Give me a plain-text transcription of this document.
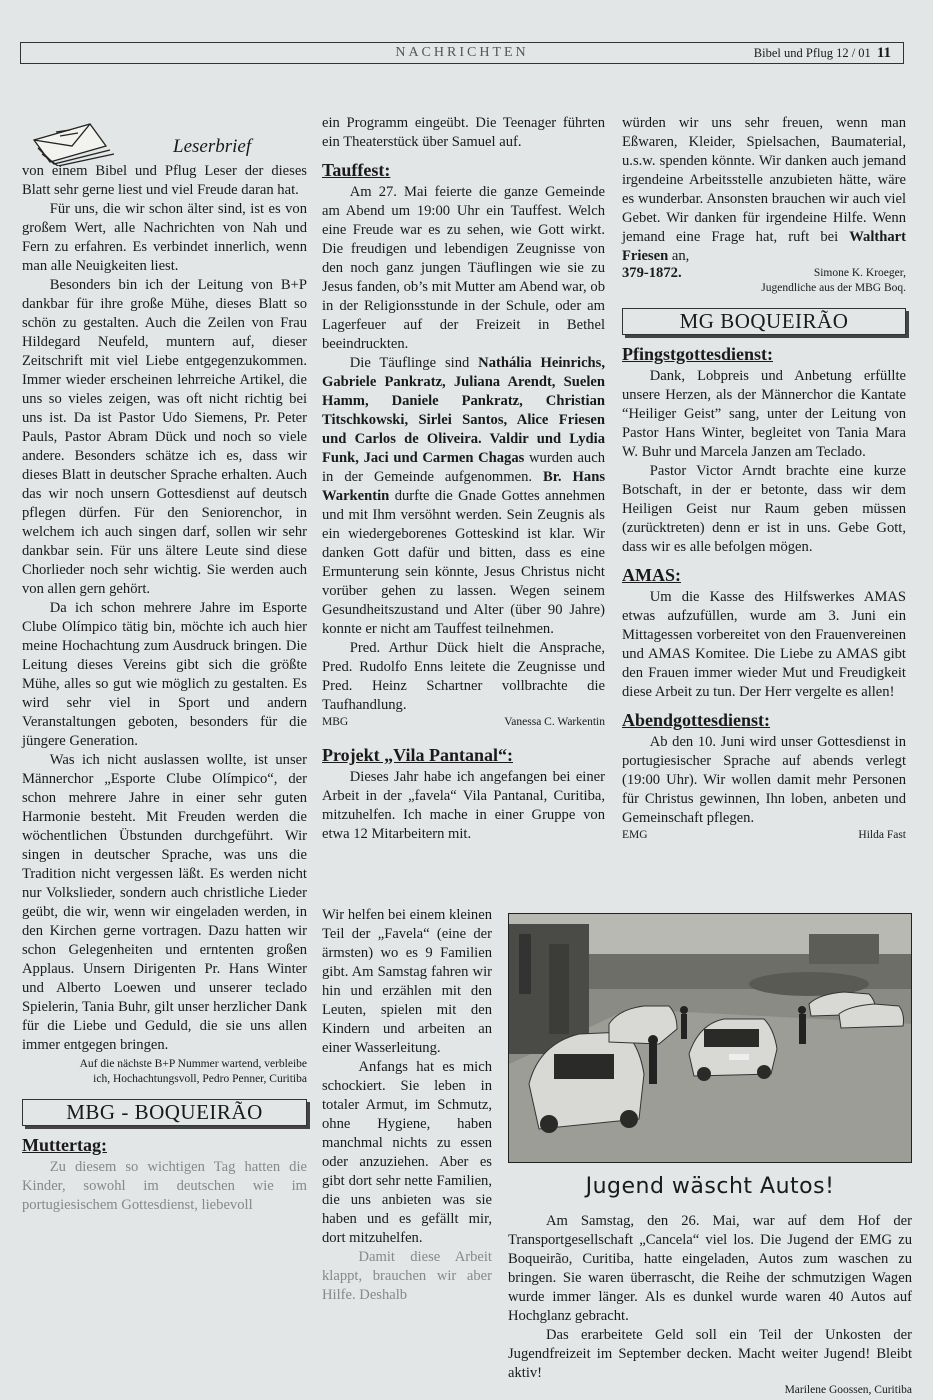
NACHRICHTEN	Bibel und Pflug 12 / 01 11
Leserbrief

von einem Bibel und Pflug Leser der dieses Blatt sehr gerne liest und viel Freude daran hat.

Für uns, die wir schon älter sind, ist es von großem Wert, alle Nachrichten von Nah und Fern zu erfahren. Es verbindet innerlich, wenn man alle Neuigkeiten liest.

Besonders bin ich der Leitung von B+P dankbar für ihre große Mühe, dieses Blatt so schön zu gestalten. Auch die Zeilen von Frau Hildegard Neufeld, muntern auf, dieser Zeitschrift mit viel Liebe entgegenzukommen. Immer wieder erscheinen lehrreiche Artikel, die uns so vieles zeigen, was oft nicht richtig bei uns ist. Da ist Pastor Udo Siemens, Pr. Peter Pauls, Pastor Abram Dück und noch so viele andere. Besonders schätze ich es, dass wir dieses Blatt in deutscher Sprache erhalten. Auch das wir noch unsern Gottesdienst auf deutsch pflegen dürfen. Für den Seniorenchor, in welchem ich auch singen darf, sollen wir sehr dankbar sein. Für uns ältere Leute sind diese Chorlieder noch sehr wichtig. Sie werden auch von allen gern gehört.

Da ich schon mehrere Jahre im Esporte Clube Olímpico tätig bin, möchte ich auch hier meine Hochachtung zum Ausdruck bringen. Die Leitung dieses Vereins gibt sich die größte Mühe, alles so gut wie möglich zu gestalten. Es wird sehr viel in Sport und andern Veranstaltungen geboten, besonders für die jüngere Generation.

Was ich nicht auslassen wollte, ist unser Männerchor „Esporte Clube Olímpico“, der schon mehrere Jahre in einer sehr guten Harmonie besteht. Mit Freuden werden die wöchentlichen Übstunden durchgeführt. Wir singen in deutscher Sprache, was uns die Tradition nicht vergessen läßt. Es werden nicht nur Volkslieder, sondern auch christliche Lieder geübt, die wir, wenn wir eingeladen werden, in den Kirchen gerne vortragen. Dazu hatten wir schon Gelegenheiten und erntenten großen Applaus. Unsern Dirigenten Pr. Hans Winter und Alberto Loewen und unserer teclado Spielerin, Tania Buhr, gilt unser herzlicher Dank für die Liebe und Geduld, die sie uns allen immer entgegen bringen.

Auf die nächste B+P Nummer wartend, verbleibe
ich, Hochachtungsvoll, Pedro Penner, Curitiba
MBG - BOQUEIRÃO
Muttertag:

Zu diesem so wichtigen Tag hatten die Kinder, sowohl im deutschen wie im portugiesischem Gottesdienst, liebevoll

ein Programm eingeübt. Die Teenager führten ein Theaterstück über Samuel auf.

Tauffest:

Am 27. Mai feierte die ganze Gemeinde am Abend um 19:00 Uhr ein Tauffest. Welch eine Freude war es zu sehen, wie Gott wirkt. Die freudigen und lebendigen Zeugnisse von den noch ganz jungen Täuflingen wie sie zu Jesus fanden, ob’s mit Mutter am Abend war, ob in der Religionsstunde in der Schule, oder am Lagerfeuer auf der Freizeit in Bethel beeindruckten.

Die Täuflinge sind Nathália Heinrichs, Gabriele Pankratz, Juliana Arendt, Suelen Hamm, Daniele Pankratz, Christian Titschkowski, Sirlei Santos, Alice Friesen und Carlos de Oliveira. Valdir und Lydia Funk, Jaci und Carmen Chagas wurden auch in der Gemeinde aufgenommen. Br. Hans Warkentin durfte die Gnade Gottes annehmen und mit Ihm versöhnt werden. Sein Zeugnis als ein wiedergeborenes Gotteskind ist klar. Wir danken Gott dafür und bitten, dass es eine Ermunterung sein könnte, Jesus Christus nicht vorüber gehen zu lassen. Wegen seinem Gesundheitszustand und Alter (über 90 Jahre) konnte er nicht am Tauffest teilnehmen.

Pred. Arthur Dück hielt die Ansprache, Pred. Rudolfo Enns leitete die Zeugnisse und Pred. Heinz Schartner vollbrachte die Taufhandlung.

MBG	Vanessa C. Warkentin
Projekt „Vila Pantanal“:

Dieses Jahr habe ich angefangen bei einer Arbeit in der „favela“ Vila Pantanal, Curitiba, mitzuhelfen. Ich mache in einer Gruppe von etwa 12 Mitarbeitern mit.

Wir helfen bei einem kleinen Teil der „Favela“ (eine der ärmsten) wo es 9 Familien gibt. Am Samstag fahren wir hin und erzählen mit den Leuten, spielen mit den Kindern und arbeiten an einer Wasserleitung.

Anfangs hat es mich schockiert. Sie leben in totaler Armut, im Schmutz, ohne Hygiene, haben manchmal nichts zu essen oder anzuziehen. Aber es gibt dort sehr nette Familien, die uns anbieten was sie haben und es gefällt mir, dort mitzuhelfen.

Damit diese Arbeit klappt, brauchen wir aber Hilfe. Deshalb

würden wir uns sehr freuen, wenn man Eßwaren, Kleider, Spielsachen, Baumaterial, u.s.w. spenden könnte. Wir danken auch jemand irgendeine Arbeitsstelle anzubieten hätte, wäre es wunderbar. Ansonsten brauchen wir auch viel Gebet. Wir danken für irgendeine Hilfe. Wenn jemand eine Frage hat, ruft bei Walthart Friesen an,

379-1872.	Simone K. Kroeger,
Jugendliche aus der MBG Boq.
MG BOQUEIRÃO
Pfingstgottesdienst:

Dank, Lobpreis und Anbetung erfüllte unsere Herzen, als der Männerchor die Kantate “Heiliger Geist” sang, unter der Leitung von Pastor Hans Winter, begleitet von Tania Mara W. Buhr und Marcela Janzen am Teclado.

Pastor Victor Arndt brachte eine kurze Botschaft, in der er betonte, dass wir dem Heiligen Geist nur Raum geben müssen (zurücktreten) denn er ist in uns. Gebe Gott, dass wir es alle befolgen mögen.

AMAS:

Um die Kasse des Hilfswerkes AMAS etwas aufzufüllen, wurde am 3. Juni ein Mittagessen vorbereitet von den Frauenvereinen und AMAS Komitee. Die Liebe zu AMAS gibt den Frauen immer wieder Mut und Freudigkeit diese Arbeit zu tun. Der Herr vergelte es allen!

Abendgottesdienst:

Ab den 10. Juni wird unser Gottesdienst in portugiesischer Sprache auf abends verlegt (19:00 Uhr). Wir wollen damit mehr Personen für Christus gewinnen, Ihn loben, anbeten und Gemeinschaft pflegen.

EMG	Hilda Fast
Jugend wäscht Autos!

Am Samstag, den 26. Mai, war auf dem Hof der Transportgesellschaft „Cancela“ viel los. Die Jugend der EMG zu Boqueirão, Curitiba, hatte eingeladen, Autos zum waschen zu bringen. Sie waren überrascht, die Reihe der schmutzigen Wagen wurde immer länger. Als es dunkel wurde waren 40 Autos auf Hochglanz gebracht.

Das erarbeitete Geld soll ein Teil der Unkosten der Jugendfreizeit im September decken. Macht weiter Jugend! Bleibt aktiv!

Marilene Goossen, Curitiba
